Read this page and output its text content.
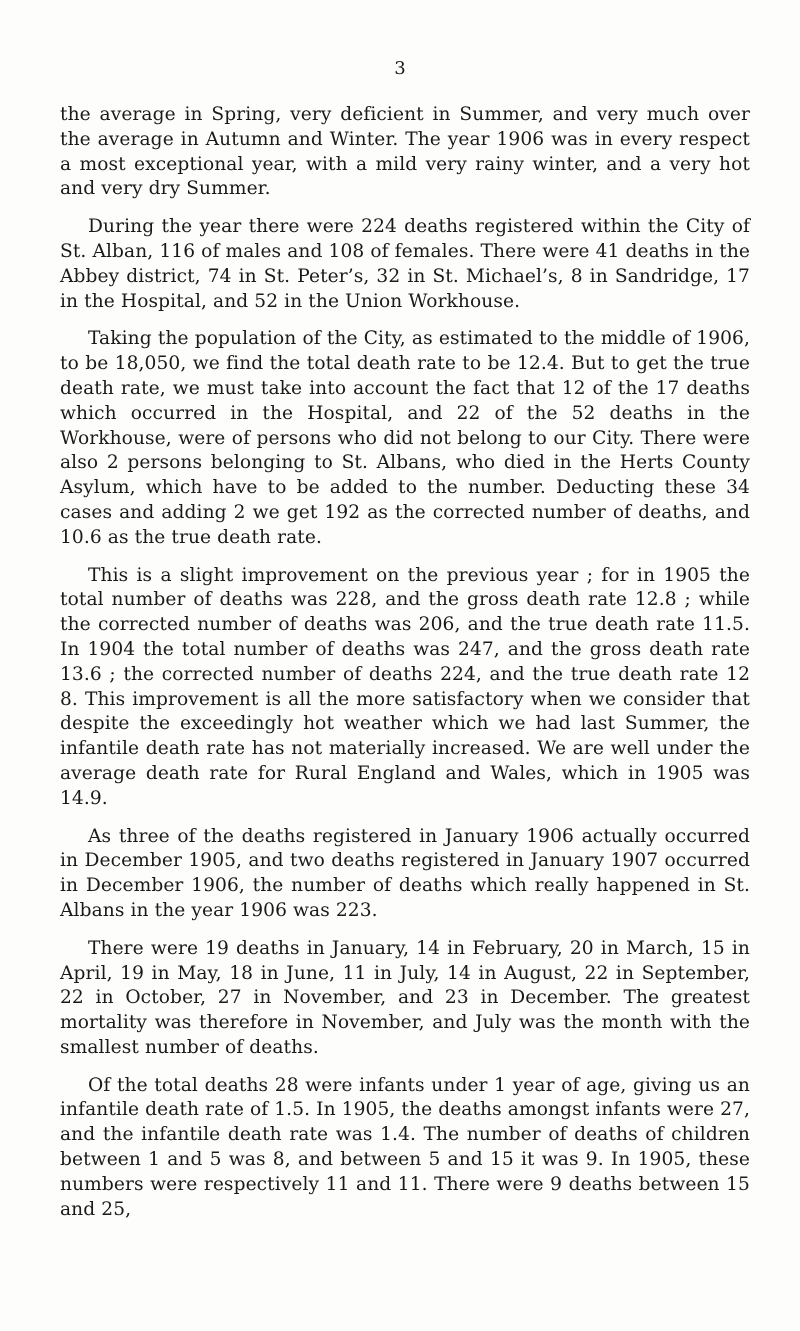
3

the average in Spring, very deficient in Summer, and very much over the average in Autumn and Winter. The year 1906 was in every respect a most exceptional year, with a mild very rainy winter, and a very hot and very dry Summer.

During the year there were 224 deaths registered within the City of St. Alban, 116 of males and 108 of females. There were 41 deaths in the Abbey district, 74 in St. Peter’s, 32 in St. Michael’s, 8 in Sandridge, 17 in the Hospital, and 52 in the Union Workhouse.

Taking the population of the City, as estimated to the middle of 1906, to be 18,050, we find the total death rate to be 12.4. But to get the true death rate, we must take into account the fact that 12 of the 17 deaths which occurred in the Hospital, and 22 of the 52 deaths in the Workhouse, were of persons who did not belong to our City. There were also 2 persons belonging to St. Albans, who died in the Herts County Asylum, which have to be added to the number. Deducting these 34 cases and adding 2 we get 192 as the corrected number of deaths, and 10.6 as the true death rate.

This is a slight improvement on the previous year ; for in 1905 the total number of deaths was 228, and the gross death rate 12.8 ; while the corrected number of deaths was 206, and the true death rate 11.5. In 1904 the total number of deaths was 247, and the gross death rate 13.6 ; the corrected number of deaths 224, and the true death rate 12 8. This improvement is all the more satisfactory when we consider that despite the exceedingly hot weather which we had last Summer, the infantile death rate has not materially increased. We are well under the average death rate for Rural England and Wales, which in 1905 was 14.9.

As three of the deaths registered in January 1906 actually occurred in December 1905, and two deaths registered in January 1907 occurred in December 1906, the number of deaths which really happened in St. Albans in the year 1906 was 223.

There were 19 deaths in January, 14 in February, 20 in March, 15 in April, 19 in May, 18 in June, 11 in July, 14 in August, 22 in September, 22 in October, 27 in November, and 23 in December. The greatest mortality was therefore in November, and July was the month with the smallest number of deaths.

Of the total deaths 28 were infants under 1 year of age, giving us an infantile death rate of 1.5. In 1905, the deaths amongst infants were 27, and the infantile death rate was 1.4. The number of deaths of children between 1 and 5 was 8, and between 5 and 15 it was 9. In 1905, these numbers were respectively 11 and 11. There were 9 deaths between 15 and 25,
